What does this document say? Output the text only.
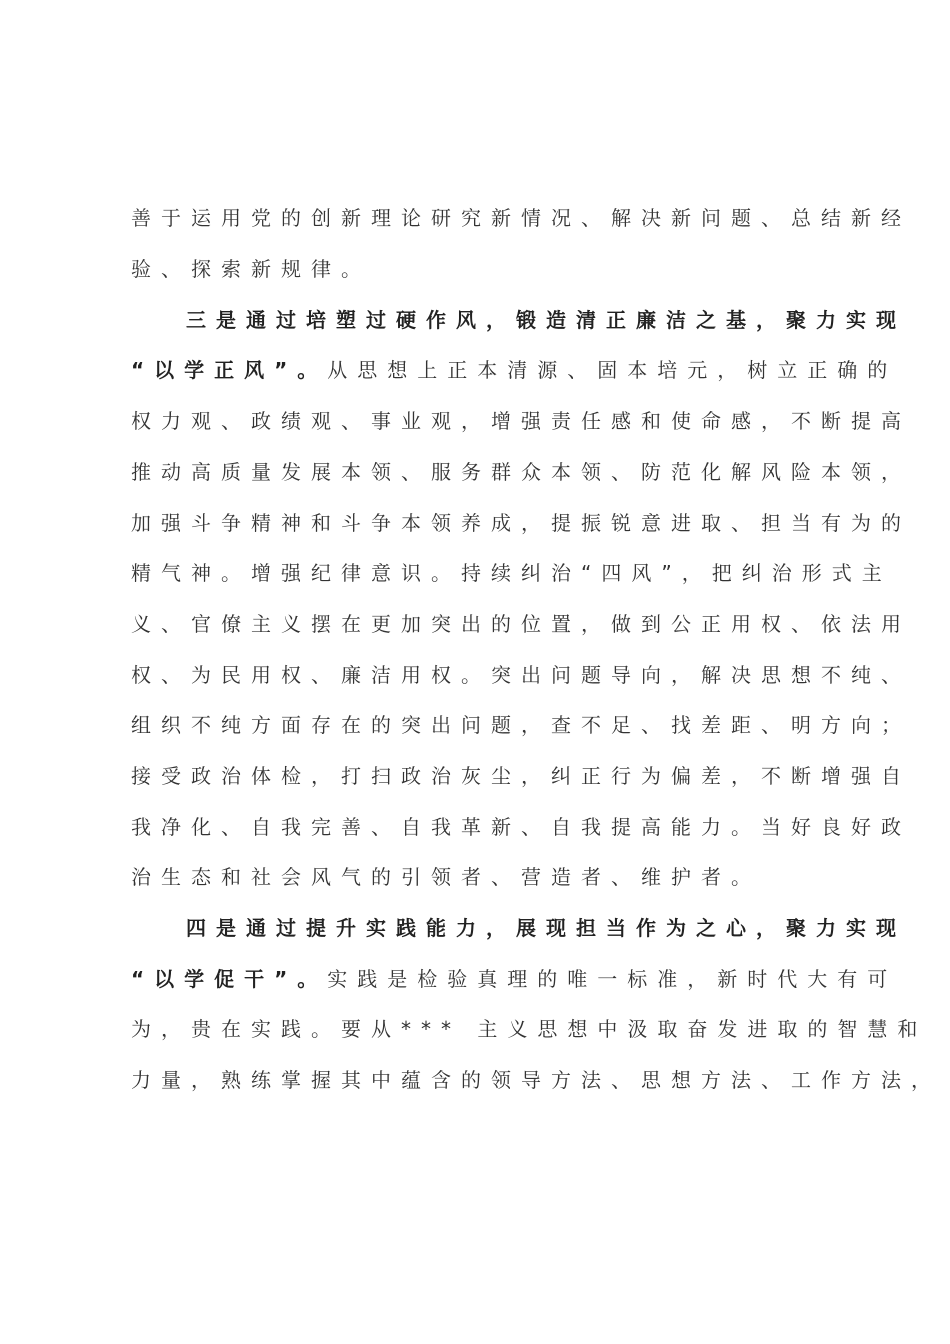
善于运用党的创新理论研究新情况、解决新问题、总结新经
验、探索新规律。
三是通过培塑过硬作风，锻造清正廉洁之基，聚力实现
“以学正风”。从思想上正本清源、固本培元，树立正确的
权力观、政绩观、事业观，增强责任感和使命感，不断提高
推动高质量发展本领、服务群众本领、防范化解风险本领，
加强斗争精神和斗争本领养成，提振锐意进取、担当有为的
精气神。增强纪律意识。持续纠治“四风”，把纠治形式主
义、官僚主义摆在更加突出的位置，做到公正用权、依法用
权、为民用权、廉洁用权。突出问题导向，解决思想不纯、
组织不纯方面存在的突出问题，查不足、找差距、明方向；
接受政治体检，打扫政治灰尘，纠正行为偏差，不断增强自
我净化、自我完善、自我革新、自我提高能力。当好良好政
治生态和社会风气的引领者、营造者、维护者。
四是通过提升实践能力，展现担当作为之心，聚力实现
“以学促干”。实践是检验真理的唯一标准，新时代大有可
为，贵在实践。要从*** 主义思想中汲取奋发进取的智慧和
力量，熟练掌握其中蕴含的领导方法、思想方法、工作方法，
